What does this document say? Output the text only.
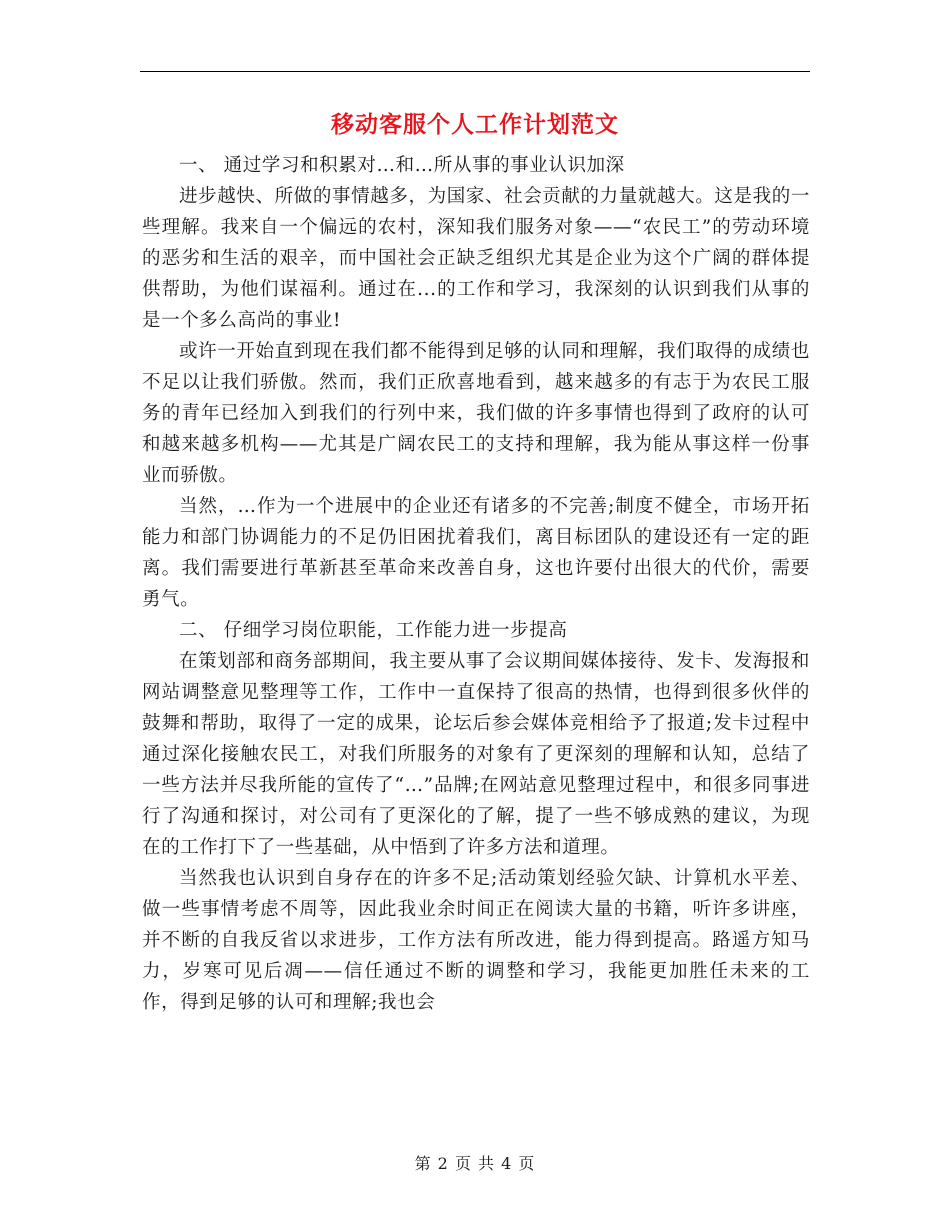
移动客服个人工作计划范文

一、 通过学习和积累对…和…所从事的事业认识加深

进步越快、所做的事情越多，为国家、社会贡献的力量就越大。这是我的一些理解。我来自一个偏远的农村，深知我们服务对象——“农民工”的劳动环境的恶劣和生活的艰辛，而中国社会正缺乏组织尤其是企业为这个广阔的群体提供帮助，为他们谋福利。通过在...的工作和学习，我深刻的认识到我们从事的是一个多么高尚的事业!

或许一开始直到现在我们都不能得到足够的认同和理解，我们取得的成绩也不足以让我们骄傲。然而，我们正欣喜地看到，越来越多的有志于为农民工服务的青年已经加入到我们的行列中来，我们做的许多事情也得到了政府的认可和越来越多机构——尤其是广阔农民工的支持和理解，我为能从事这样一份事业而骄傲。

当然，…作为一个进展中的企业还有诸多的不完善;制度不健全，市场开拓能力和部门协调能力的不足仍旧困扰着我们，离目标团队的建设还有一定的距离。我们需要进行革新甚至革命来改善自身，这也许要付出很大的代价，需要勇气。

二、 仔细学习岗位职能，工作能力进一步提高

在策划部和商务部期间，我主要从事了会议期间媒体接待、发卡、发海报和网站调整意见整理等工作，工作中一直保持了很高的热情，也得到很多伙伴的鼓舞和帮助，取得了一定的成果，论坛后参会媒体竞相给予了报道;发卡过程中通过深化接触农民工，对我们所服务的对象有了更深刻的理解和认知，总结了一些方法并尽我所能的宣传了“…”品牌;在网站意见整理过程中，和很多同事进行了沟通和探讨，对公司有了更深化的了解，提了一些不够成熟的建议，为现在的工作打下了一些基础，从中悟到了许多方法和道理。

当然我也认识到自身存在的许多不足;活动策划经验欠缺、计算机水平差、做一些事情考虑不周等，因此我业余时间正在阅读大量的书籍，听许多讲座，并不断的自我反省以求进步，工作方法有所改进，能力得到提高。路遥方知马力，岁寒可见后凋——信任通过不断的调整和学习，我能更加胜任未来的工作，得到足够的认可和理解;我也会

第 2 页 共 4 页
